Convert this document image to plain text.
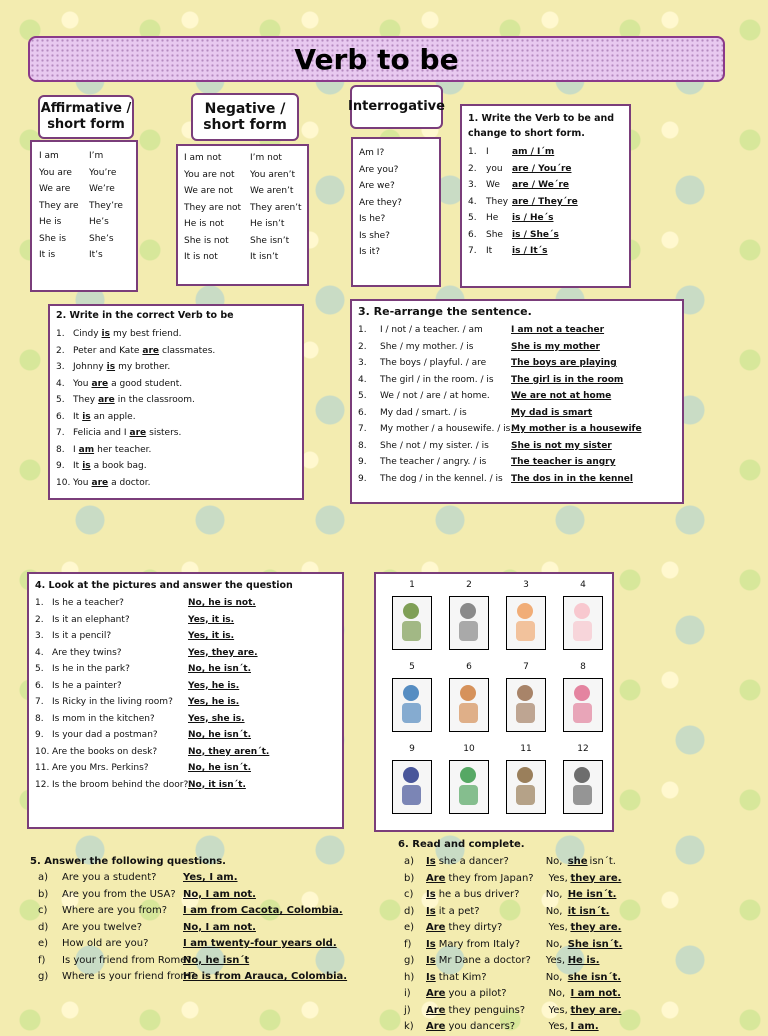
Verb to be
Affirmative /
short form
I am	I’m
You are	You’re
We are	We’re
They are	They’re
He is	He’s
She is	She’s
It is	It’s
Negative /
short form
I am not	I’m not
You are not	You aren’t
We are not	We aren’t
They are not They aren’t
He is not	He isn’t
She is not	She isn’t
It is not	It isn’t
Interrogative
Am I?
Are you?
Are we?
Are they?
Is he?
Is she?
Is it?
1. Write the Verb to be and change to short form.
1.	I	am / I´m
2.	you	are / You´re
3.	We	are / We´re
4.	They are / They´re
5.	He	is / He´s
6.	She	is / She´s
7.	It	is / It´s
2. Write in the correct Verb to be
1. Cindy is my best friend.
2. Peter and Kate are classmates.
3. Johnny is my brother.
4. You are a good student.
5. They are in the classroom.
6. It is an apple.
7. Felicia and I are sisters.
8. I am her teacher.
9. It is a book bag.
10. You are a doctor.
3. Re-arrange the sentence.
1.	I / not / a teacher. / am	I am not a teacher
2.	She / my mother. / is	She is my mother
3.	The boys / playful. / are	The boys are playing
4.	The girl / in the room. / is	The girl is in the room
5.	We / not / are / at home.	We are not at home
6.	My dad / smart. / is	My dad is smart
7.	My mother / a housewife. / is My mother is a housewife
8.	She / not / my sister. / is	She is not my sister
9.	The teacher / angry. / is	The teacher is angry
9.	The dog / in the kennel. / is The dos in in the kennel
4. Look at the pictures and answer the question
1. Is he a teacher?	No, he is not.
2. Is it an elephant?	Yes, it is.
3. Is it a pencil?	Yes, it is.
4. Are they twins?	Yes, they are.
5. Is he in the park?	No, he isn´t.
6. Is he a painter?	Yes, he is.
7. Is Ricky in the living room?	Yes, he is.
8. Is mom in the kitchen?	Yes, she is.
9. Is your dad a postman?	No, he isn´t.
10. Are the books on desk?	No, they aren´t.
11. Are you Mrs. Perkins?	No, he isn´t.
12. Is the broom behind the door? No, it isn´t.
1	2	3	4
5	6	7	8
9	10	11	12
5. Answer the following questions.
a)	Are you a student?	Yes, I am.
b)	Are you from the USA? No, I am not.
c)	Where are you from?	I am from Cacota, Colombia.
d)	Are you twelve?	No, I am not.
e)	How old are you?	I am twenty-four years old.
f)	Is your friend from Rome?
No, he isn´t
g)	Where is your friend from?
He is from Arauca, Colombia.
6. Read and complete.
a)	Is she a dancer?	No, she isn´t.
b)	Are they from Japan?	Yes, they are.
c)	Is he a bus driver?	No, He isn´t.
d)	Is it a pet?	No, it isn´t.
e)	Are they dirty?	Yes, they are.
f)	Is Mary from Italy?	No, She isn´t.
g)	Is Mr Dane a doctor?	Yes, He is.
h)	Is that Kim?	No, she isn´t.
i)	Are you a pilot?	No, I am not.
j)	Are they penguins?	Yes, they are.
k)	Are you dancers?	Yes, I am.
